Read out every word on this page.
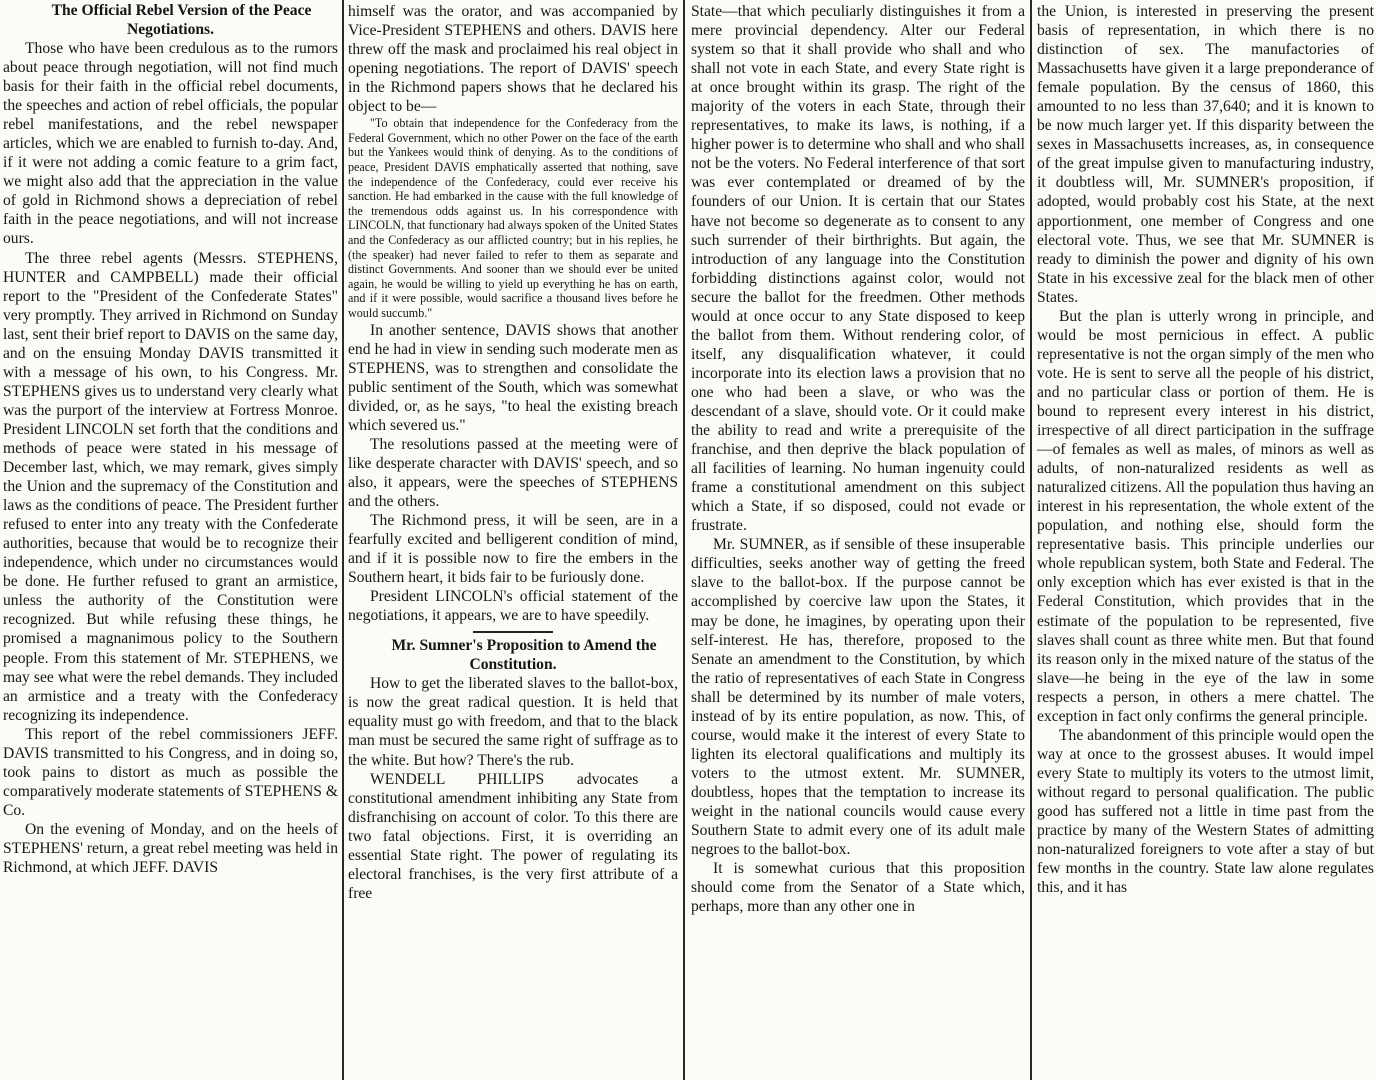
The Official Rebel Version of the Peace Negotiations.

Those who have been credulous as to the rumors about peace through negotiation, will not find much basis for their faith in the official rebel documents, the speeches and action of rebel officials, the popular rebel manifestations, and the rebel newspaper articles, which we are enabled to furnish to-day. And, if it were not adding a comic feature to a grim fact, we might also add that the appreciation in the value of gold in Richmond shows a depreciation of rebel faith in the peace negotiations, and will not increase ours.

The three rebel agents (Messrs. STEPHENS, HUNTER and CAMPBELL) made their official report to the "President of the Confederate States" very promptly. They arrived in Richmond on Sunday last, sent their brief report to DAVIS on the same day, and on the ensuing Monday DAVIS transmitted it with a message of his own, to his Congress. Mr. STEPHENS gives us to understand very clearly what was the purport of the interview at Fortress Monroe. President LINCOLN set forth that the conditions and methods of peace were stated in his message of December last, which, we may remark, gives simply the Union and the supremacy of the Constitution and laws as the conditions of peace. The President further refused to enter into any treaty with the Confederate authorities, because that would be to recognize their independence, which under no circumstances would be done. He further refused to grant an armistice, unless the authority of the Constitution were recognized. But while refusing these things, he promised a magnanimous policy to the Southern people. From this statement of Mr. STEPHENS, we may see what were the rebel demands. They included an armistice and a treaty with the Confederacy recognizing its independence.

This report of the rebel commissioners JEFF. DAVIS transmitted to his Congress, and in doing so, took pains to distort as much as possible the comparatively moderate statements of STEPHENS & Co.

On the evening of Monday, and on the heels of STEPHENS' return, a great rebel meeting was held in Richmond, at which JEFF. DAVIS

himself was the orator, and was accompanied by Vice-President STEPHENS and others. DAVIS here threw off the mask and proclaimed his real object in opening negotiations. The report of DAVIS' speech in the Richmond papers shows that he declared his object to be—

"To obtain that independence for the Confederacy from the Federal Government, which no other Power on the face of the earth but the Yankees would think of denying. As to the conditions of peace, President DAVIS emphatically asserted that nothing, save the independence of the Confederacy, could ever receive his sanction. He had embarked in the cause with the full knowledge of the tremendous odds against us. In his correspondence with LINCOLN, that functionary had always spoken of the United States and the Confederacy as our afflicted country; but in his replies, he (the speaker) had never failed to refer to them as separate and distinct Governments. And sooner than we should ever be united again, he would be willing to yield up everything he has on earth, and if it were possible, would sacrifice a thousand lives before he would succumb."

In another sentence, DAVIS shows that another end he had in view in sending such moderate men as STEPHENS, was to strengthen and consolidate the public sentiment of the South, which was somewhat divided, or, as he says, "to heal the existing breach which severed us."

The resolutions passed at the meeting were of like desperate character with DAVIS' speech, and so also, it appears, were the speeches of STEPHENS and the others.

The Richmond press, it will be seen, are in a fearfully excited and belligerent condition of mind, and if it is possible now to fire the embers in the Southern heart, it bids fair to be furiously done.

President LINCOLN's official statement of the negotiations, it appears, we are to have speedily.

Mr. Sumner's Proposition to Amend the Constitution.

How to get the liberated slaves to the ballot-box, is now the great radical question. It is held that equality must go with freedom, and that to the black man must be secured the same right of suffrage as to the white. But how? There's the rub.

WENDELL PHILLIPS advocates a constitutional amendment inhibiting any State from disfranchising on account of color. To this there are two fatal objections. First, it is overriding an essential State right. The power of regulating its electoral franchises, is the very first attribute of a free

State—that which peculiarly distinguishes it from a mere provincial dependency. Alter our Federal system so that it shall provide who shall and who shall not vote in each State, and every State right is at once brought within its grasp. The right of the majority of the voters in each State, through their representatives, to make its laws, is nothing, if a higher power is to determine who shall and who shall not be the voters. No Federal interference of that sort was ever contemplated or dreamed of by the founders of our Union. It is certain that our States have not become so degenerate as to consent to any such surrender of their birthrights. But again, the introduction of any language into the Constitution forbidding distinctions against color, would not secure the ballot for the freedmen. Other methods would at once occur to any State disposed to keep the ballot from them. Without rendering color, of itself, any disqualification whatever, it could incorporate into its election laws a provision that no one who had been a slave, or who was the descendant of a slave, should vote. Or it could make the ability to read and write a prerequisite of the franchise, and then deprive the black population of all facilities of learning. No human ingenuity could frame a constitutional amendment on this subject which a State, if so disposed, could not evade or frustrate.

Mr. SUMNER, as if sensible of these insuperable difficulties, seeks another way of getting the freed slave to the ballot-box. If the purpose cannot be accomplished by coercive law upon the States, it may be done, he imagines, by operating upon their self-interest. He has, therefore, proposed to the Senate an amendment to the Constitution, by which the ratio of representatives of each State in Congress shall be determined by its number of male voters, instead of by its entire population, as now. This, of course, would make it the interest of every State to lighten its electoral qualifications and multiply its voters to the utmost extent. Mr. SUMNER, doubtless, hopes that the temptation to increase its weight in the national councils would cause every Southern State to admit every one of its adult male negroes to the ballot-box.

It is somewhat curious that this proposition should come from the Senator of a State which, perhaps, more than any other one in

the Union, is interested in preserving the present basis of representation, in which there is no distinction of sex. The manufactories of Massachusetts have given it a large preponderance of female population. By the census of 1860, this amounted to no less than 37,640; and it is known to be now much larger yet. If this disparity between the sexes in Massachusetts increases, as, in consequence of the great impulse given to manufacturing industry, it doubtless will, Mr. SUMNER's proposition, if adopted, would probably cost his State, at the next apportionment, one member of Congress and one electoral vote. Thus, we see that Mr. SUMNER is ready to diminish the power and dignity of his own State in his excessive zeal for the black men of other States.

But the plan is utterly wrong in principle, and would be most pernicious in effect. A public representative is not the organ simply of the men who vote. He is sent to serve all the people of his district, and no particular class or portion of them. He is bound to represent every interest in his district, irrespective of all direct participation in the suffrage—of females as well as males, of minors as well as adults, of non-naturalized residents as well as naturalized citizens. All the population thus having an interest in his representation, the whole extent of the population, and nothing else, should form the representative basis. This principle underlies our whole republican system, both State and Federal. The only exception which has ever existed is that in the Federal Constitution, which provides that in the estimate of the population to be represented, five slaves shall count as three white men. But that found its reason only in the mixed nature of the status of the slave—he being in the eye of the law in some respects a person, in others a mere chattel. The exception in fact only confirms the general principle.

The abandonment of this principle would open the way at once to the grossest abuses. It would impel every State to multiply its voters to the utmost limit, without regard to personal qualification. The public good has suffered not a little in time past from the practice by many of the Western States of admitting non-naturalized foreigners to vote after a stay of but few months in the country. State law alone regulates this, and it has
